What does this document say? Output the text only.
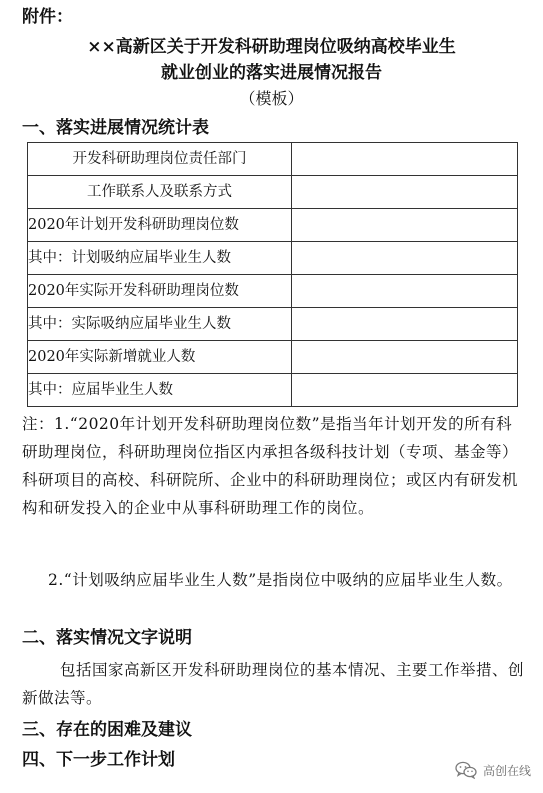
附件：
××高新区关于开发科研助理岗位吸纳高校毕业生
就业创业的落实进展情况报告
（模板）
一、落实进展情况统计表
开发科研助理岗位责任部门	
工作联系人及联系方式	
2020年计划开发科研助理岗位数	
其中：计划吸纳应届毕业生人数	
2020年实际开发科研助理岗位数	
其中：实际吸纳应届毕业生人数	
2020年实际新增就业人数	
其中：应届毕业生人数	
注：1.“2020年计划开发科研助理岗位数”是指当年计划开发的所有科研助理岗位，科研助理岗位指区内承担各级科技计划（专项、基金等）科研项目的高校、科研院所、企业中的科研助理岗位；或区内有研发机构和研发投入的企业中从事科研助理工作的岗位。
2.“计划吸纳应届毕业生人数”是指岗位中吸纳的应届毕业生人数。
二、落实情况文字说明
包括国家高新区开发科研助理岗位的基本情况、主要工作举措、创新做法等。
三、存在的困难及建议
四、下一步工作计划
高创在线
